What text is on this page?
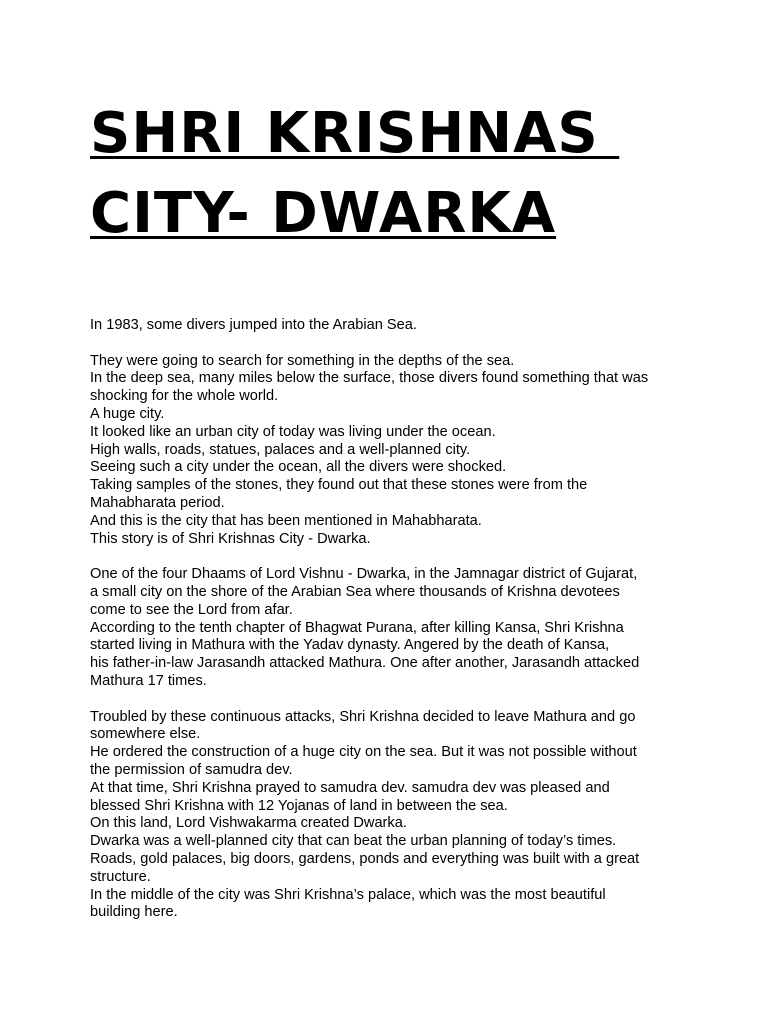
SHRI KRISHNAS
CITY- DWARKA
In 1983, some divers jumped into the Arabian Sea.
They were going to search for something in the depths of the sea.
In the deep sea, many miles below the surface, those divers found something that was
shocking for the whole world.
A huge city.
It looked like an urban city of today was living under the ocean.
High walls, roads, statues, palaces and a well-planned city.
Seeing such a city under the ocean, all the divers were shocked.
Taking samples of the stones, they found out that these stones were from the
Mahabharata period.
And this is the city that has been mentioned in Mahabharata.
This story is of Shri Krishnas City - Dwarka.
One of the four Dhaams of Lord Vishnu - Dwarka, in the Jamnagar district of Gujarat,
a small city on the shore of the Arabian Sea where thousands of Krishna devotees
come to see the Lord from afar.
According to the tenth chapter of Bhagwat Purana, after killing Kansa, Shri Krishna
started living in Mathura with the Yadav dynasty. Angered by the death of Kansa,
his father-in-law Jarasandh attacked Mathura. One after another, Jarasandh attacked
Mathura 17 times.
Troubled by these continuous attacks, Shri Krishna decided to leave Mathura and go
somewhere else.
He ordered the construction of a huge city on the sea. But it was not possible without
the permission of samudra dev.
At that time, Shri Krishna prayed to samudra dev. samudra dev was pleased and
blessed Shri Krishna with 12 Yojanas of land in between the sea.
On this land, Lord Vishwakarma created Dwarka.
Dwarka was a well-planned city that can beat the urban planning of today’s times.
Roads, gold palaces, big doors, gardens, ponds and everything was built with a great
structure.
In the middle of the city was Shri Krishna’s palace, which was the most beautiful
building here.
